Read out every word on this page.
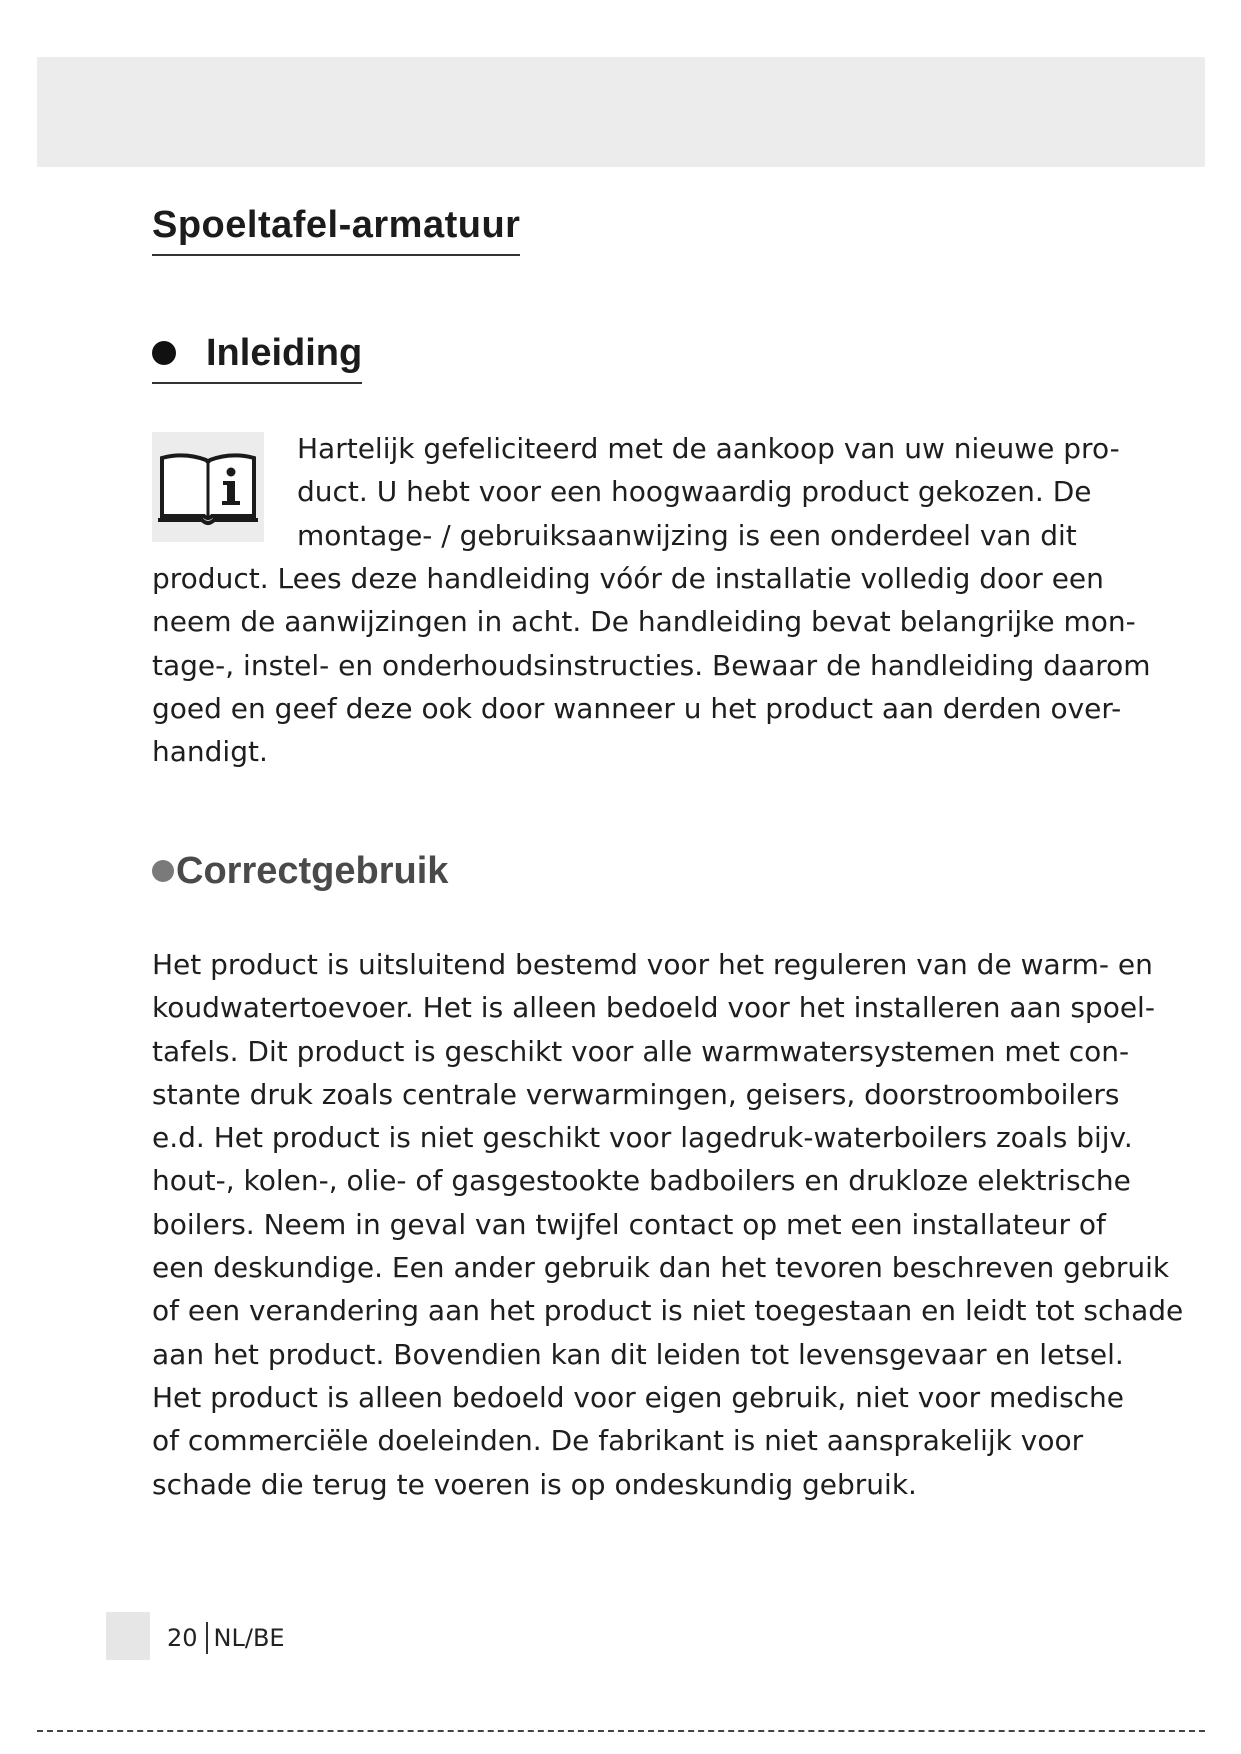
Spoeltafel-armatuur
Inleiding
Hartelijk gefeliciteerd met de aankoop van uw nieuwe pro-
duct. U hebt voor een hoogwaardig product gekozen. De
montage- / gebruiksaanwijzing is een onderdeel van dit
product. Lees deze handleiding vóór de installatie volledig door een
neem de aanwijzingen in acht. De handleiding bevat belangrijke mon-
tage-, instel- en onderhoudsinstructies. Bewaar de handleiding daarom
goed en geef deze ook door wanneer u het product aan derden over-
handigt.
Correctgebruik
Het product is uitsluitend bestemd voor het reguleren van de warm- en
koudwatertoevoer. Het is alleen bedoeld voor het installeren aan spoel-
tafels. Dit product is geschikt voor alle warmwatersystemen met con-
stante druk zoals centrale verwarmingen, geisers, doorstroomboilers
e.d. Het product is niet geschikt voor lagedruk-waterboilers zoals bijv.
hout-, kolen-, olie- of gasgestookte badboilers en drukloze elektrische
boilers. Neem in geval van twijfel contact op met een installateur of
een deskundige. Een ander gebruik dan het tevoren beschreven gebruik
of een verandering aan het product is niet toegestaan en leidt tot schade
aan het product. Bovendien kan dit leiden tot levensgevaar en letsel.
Het product is alleen bedoeld voor eigen gebruik, niet voor medische
of commerciële doeleinden. De fabrikant is niet aansprakelijk voor
schade die terug te voeren is op ondeskundig gebruik.
20 NL/BE
